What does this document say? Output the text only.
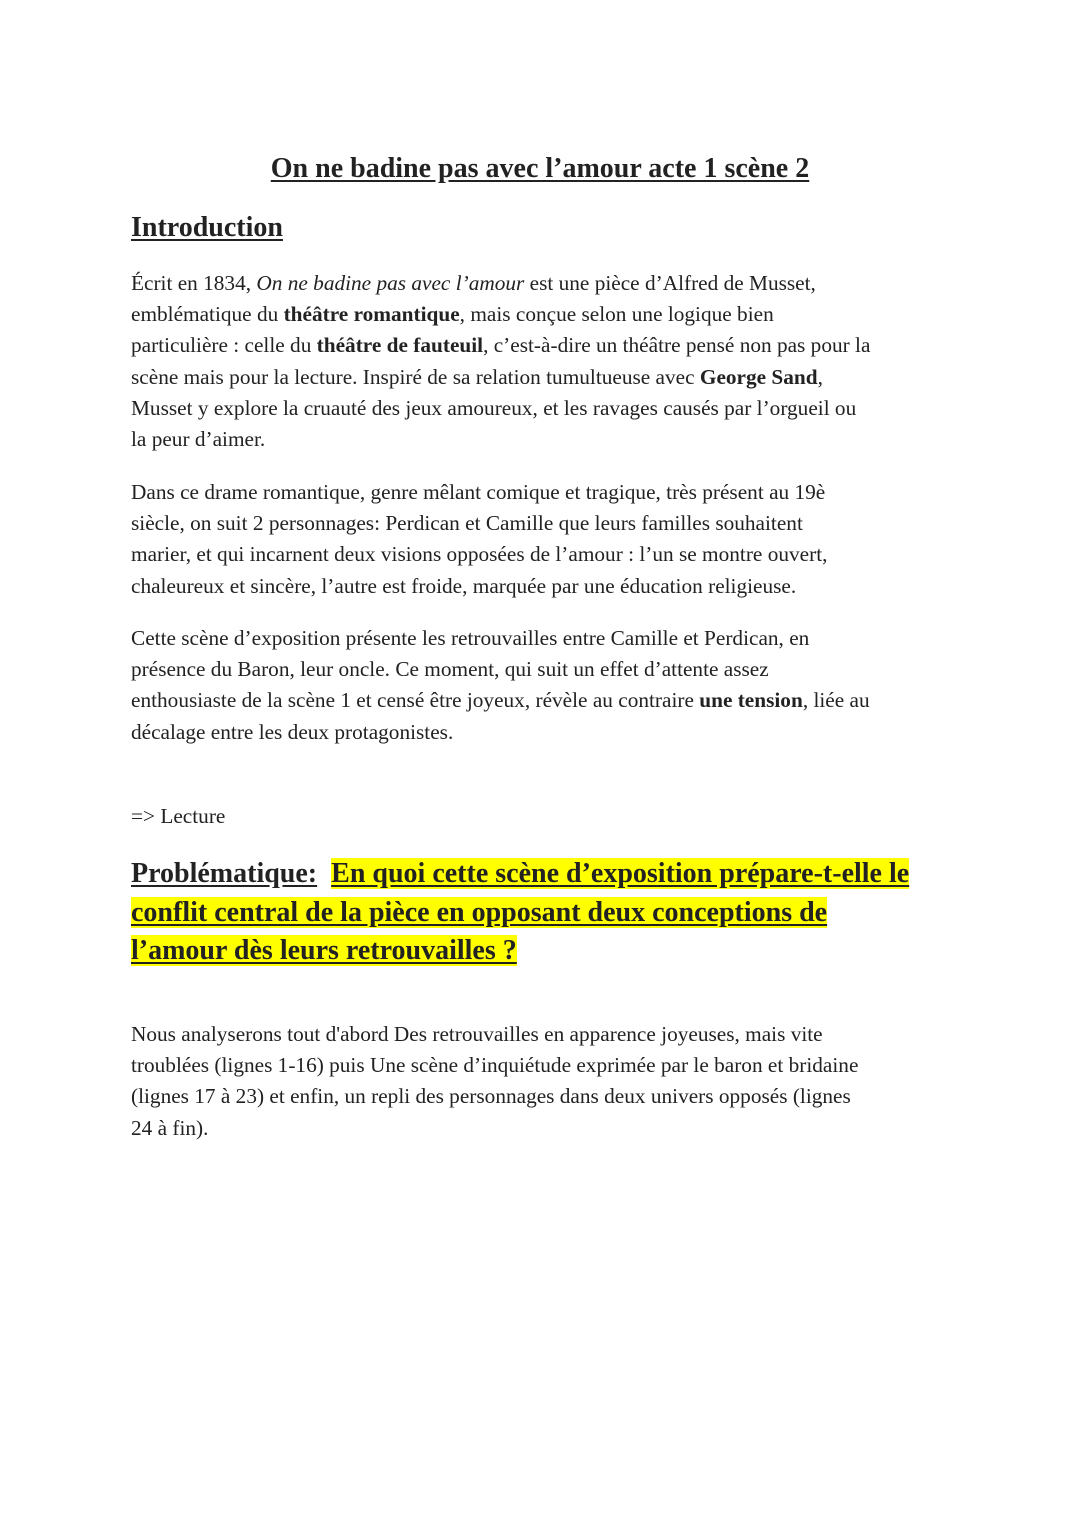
On ne badine pas avec l’amour acte 1 scène 2
Introduction

Écrit en 1834, On ne badine pas avec l’amour est une pièce d’Alfred de Musset,
emblématique du théâtre romantique, mais conçue selon une logique bien
particulière : celle du théâtre de fauteuil, c’est-à-dire un théâtre pensé non pas pour la
scène mais pour la lecture. Inspiré de sa relation tumultueuse avec George Sand,
Musset y explore la cruauté des jeux amoureux, et les ravages causés par l’orgueil ou
la peur d’aimer.

Dans ce drame romantique, genre mêlant comique et tragique, très présent au 19è
siècle, on suit 2 personnages: Perdican et Camille que leurs familles souhaitent
marier, et qui incarnent deux visions opposées de l’amour : l’un se montre ouvert,
chaleureux et sincère, l’autre est froide, marquée par une éducation religieuse.

Cette scène d’exposition présente les retrouvailles entre Camille et Perdican, en
présence du Baron, leur oncle. Ce moment, qui suit un effet d’attente assez
enthousiaste de la scène 1 et censé être joyeux, révèle au contraire une tension, liée au
décalage entre les deux protagonistes.

=> Lecture

Problématique: En quoi cette scène d’exposition prépare-t-elle le
conflit central de la pièce en opposant deux conceptions de
l’amour dès leurs retrouvailles ?

Nous analyserons tout d'abord Des retrouvailles en apparence joyeuses, mais vite
troublées (lignes 1-16) puis Une scène d’inquiétude exprimée par le baron et bridaine
(lignes 17 à 23) et enfin, un repli des personnages dans deux univers opposés (lignes
24 à fin).
